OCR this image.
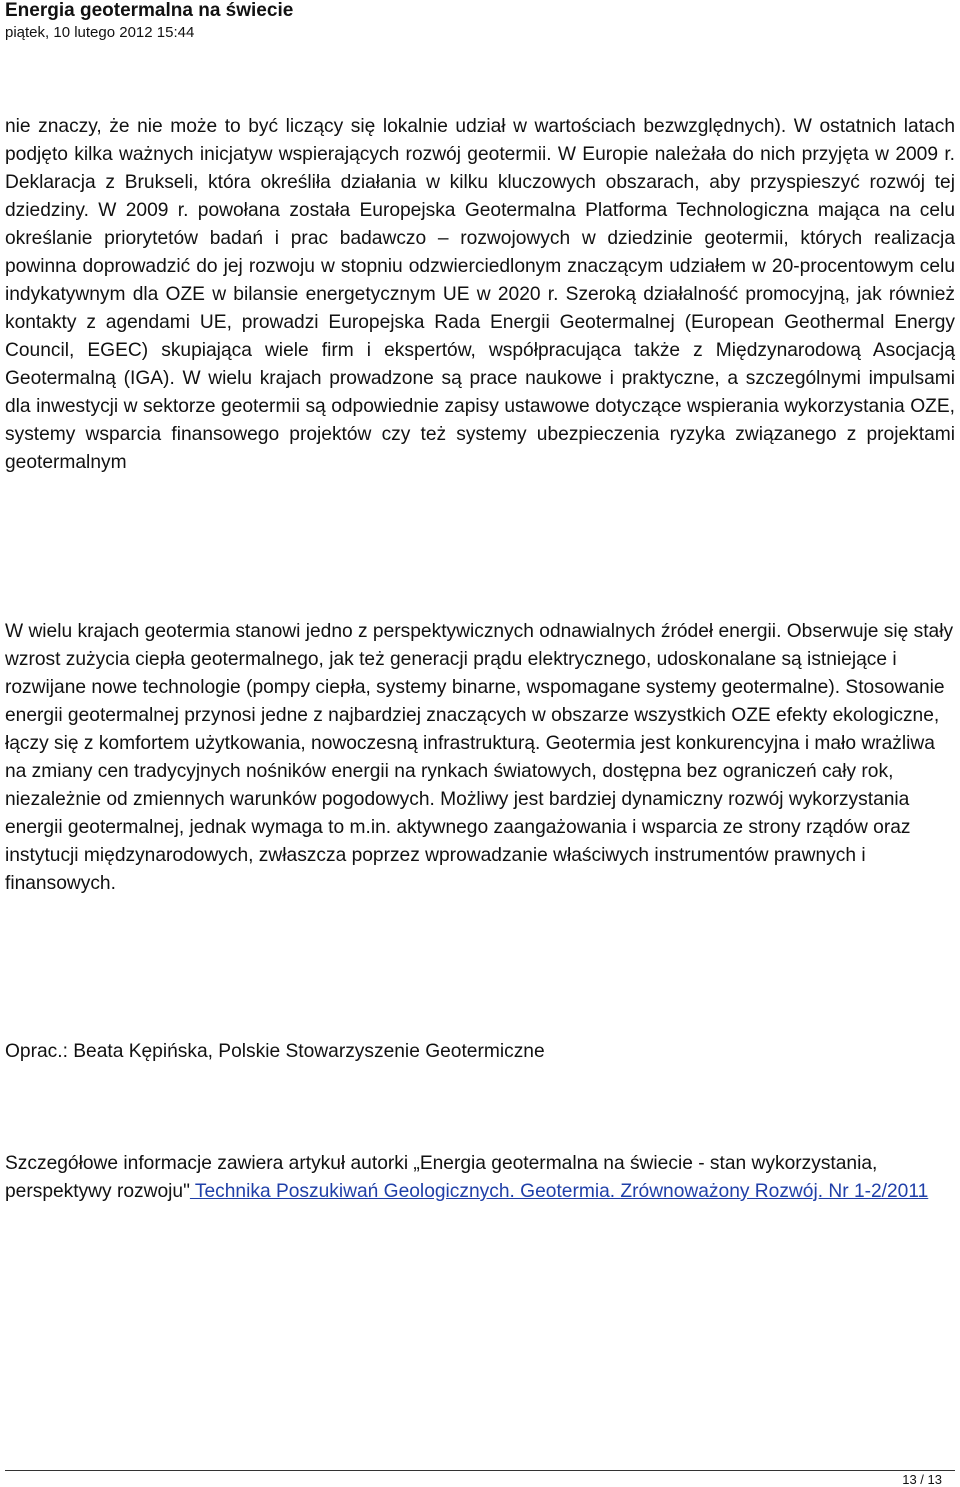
Energia geotermalna na świecie
piątek, 10 lutego 2012 15:44

nie znaczy, że nie może to być liczący się lokalnie udział w wartościach bezwzględnych). W ostatnich latach podjęto kilka ważnych inicjatyw wspierających rozwój geotermii. W Europie należała do nich przyjęta w 2009 r. Deklaracja z Brukseli, która określiła działania w kilku kluczowych obszarach, aby przyspieszyć rozwój tej dziedziny. W 2009 r. powołana została Europejska Geotermalna Platforma Technologiczna mająca na celu określanie priorytetów badań i prac badawczo – rozwojowych w dziedzinie geotermii, których realizacja powinna doprowadzić do jej rozwoju w stopniu odzwierciedlonym znaczącym udziałem w 20-procentowym celu indykatywnym dla OZE w bilansie energetycznym UE w 2020 r. Szeroką działalność promocyjną, jak również kontakty z agendami UE, prowadzi Europejska Rada Energii Geotermalnej (European Geothermal Energy Council, EGEC) skupiająca wiele firm i ekspertów, współpracująca także z Międzynarodową Asocjacją Geotermalną (IGA). W wielu krajach prowadzone są prace naukowe i praktyczne, a szczególnymi impulsami dla inwestycji w sektorze geotermii są odpowiednie zapisy ustawowe dotyczące wspierania wykorzystania OZE, systemy wsparcia finansowego projektów czy też systemy ubezpieczenia ryzyka związanego z projektami geotermalnym

W wielu krajach geotermia stanowi jedno z perspektywicznych odnawialnych źródeł energii. Obserwuje się stały wzrost zużycia ciepła geotermalnego, jak też generacji prądu elektrycznego, udoskonalane są istniejące i rozwijane nowe technologie (pompy ciepła, systemy binarne, wspomagane systemy geotermalne). Stosowanie energii geotermalnej przynosi jedne z najbardziej znaczących w obszarze wszystkich OZE efekty ekologiczne, łączy się z komfortem użytkowania, nowoczesną infrastrukturą. Geotermia jest konkurencyjna i mało wrażliwa na zmiany cen tradycyjnych nośników energii na rynkach światowych, dostępna bez ograniczeń cały rok, niezależnie od zmiennych warunków pogodowych. Możliwy jest bardziej dynamiczny rozwój wykorzystania energii geotermalnej, jednak wymaga to m.in. aktywnego zaangażowania i wsparcia ze strony rządów oraz instytucji międzynarodowych, zwłaszcza poprzez wprowadzanie właściwych instrumentów prawnych i finansowych.

Oprac.: Beata Kępińska, Polskie Stowarzyszenie Geotermiczne

Szczegółowe informacje zawiera artykuł autorki „Energia geotermalna na świecie - stan wykorzystania, perspektywy rozwoju" Technika Poszukiwań Geologicznych. Geotermia. Zrównoważony Rozwój. Nr 1-2/2011

13 / 13
